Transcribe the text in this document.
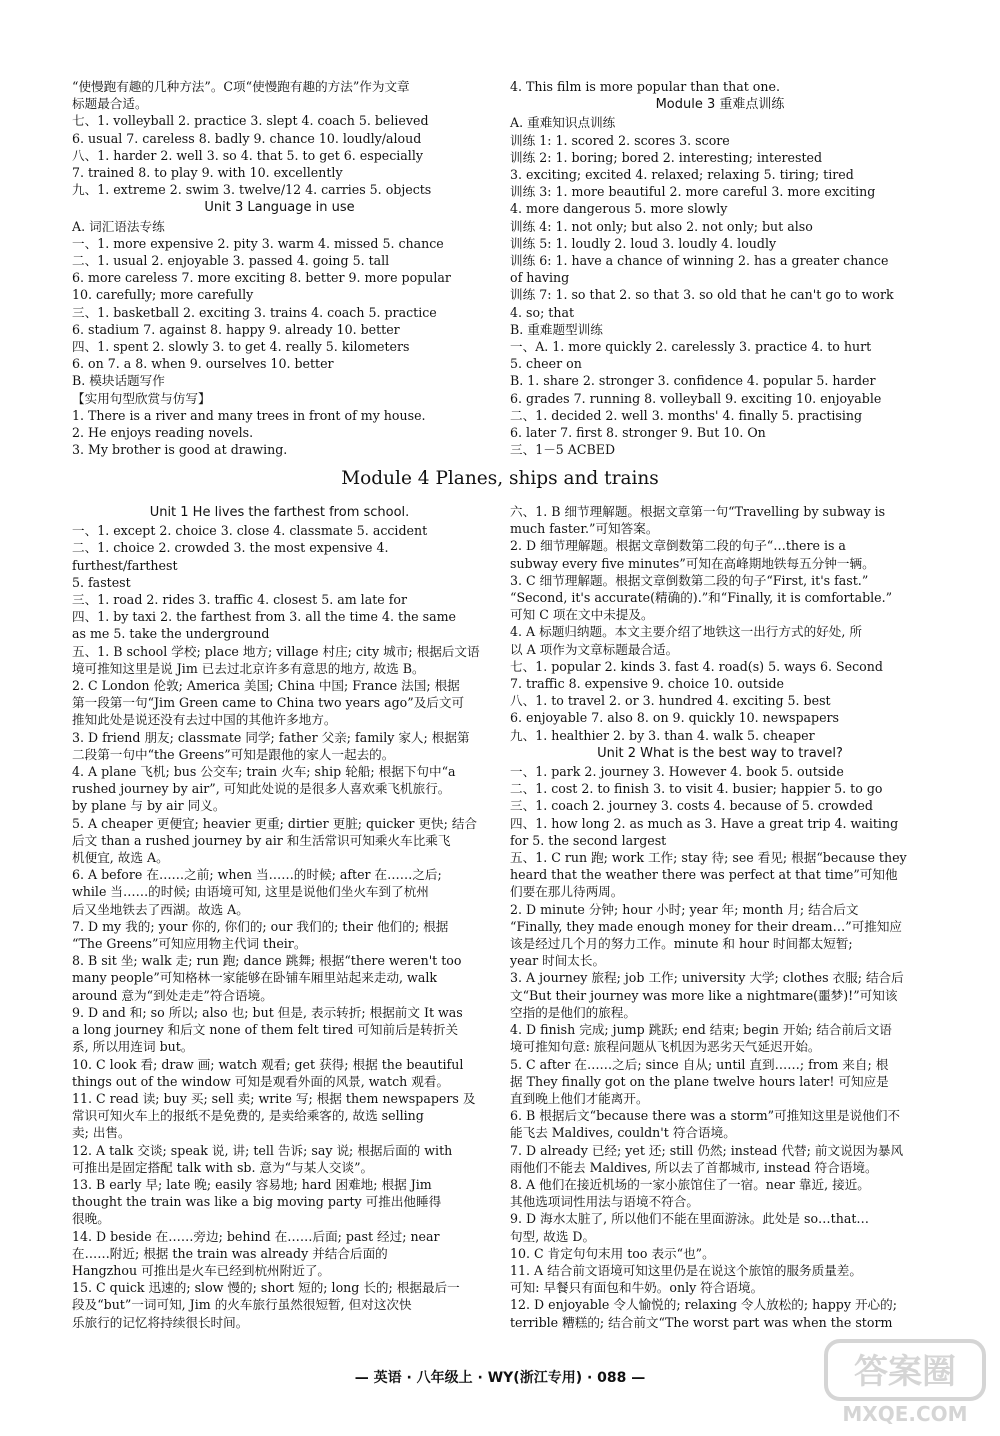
“使慢跑有趣的几种方法”。C项“使慢跑有趣的方法”作为文章
标题最合适。
七、1. volleyball 2. practice 3. slept 4. coach 5. believed
6. usual 7. careless 8. badly 9. chance 10. loudly/aloud
八、1. harder 2. well 3. so 4. that 5. to get 6. especially
7. trained 8. to play 9. with 10. excellently
九、1. extreme 2. swim 3. twelve/12 4. carries 5. objects
Unit 3 Language in use
A. 词汇语法专练
一、1. more expensive 2. pity 3. warm 4. missed 5. chance
二、1. usual 2. enjoyable 3. passed 4. going 5. tall
6. more careless 7. more exciting 8. better 9. more popular
10. carefully; more carefully
三、1. basketball 2. exciting 3. trains 4. coach 5. practice
6. stadium 7. against 8. happy 9. already 10. better
四、1. spent 2. slowly 3. to get 4. really 5. kilometers
6. on 7. a 8. when 9. ourselves 10. better
B. 模块话题写作
【实用句型欣赏与仿写】
1. There is a river and many trees in front of my house.
2. He enjoys reading novels.
3. My brother is good at drawing.
4. This film is more popular than that one.
Module 3 重难点训练
A. 重难知识点训练
训练 1: 1. scored 2. scores 3. score
训练 2: 1. boring; bored 2. interesting; interested
3. exciting; excited 4. relaxed; relaxing 5. tiring; tired
训练 3: 1. more beautiful 2. more careful 3. more exciting
4. more dangerous 5. more slowly
训练 4: 1. not only; but also 2. not only; but also
训练 5: 1. loudly 2. loud 3. loudly 4. loudly
训练 6: 1. have a chance of winning 2. has a greater chance
of having
训练 7: 1. so that 2. so that 3. so old that he can't go to work
4. so; that
B. 重难题型训练
一、A. 1. more quickly 2. carelessly 3. practice 4. to hurt
5. cheer on
B. 1. share 2. stronger 3. confidence 4. popular 5. harder
6. grades 7. running 8. volleyball 9. exciting 10. enjoyable
二、1. decided 2. well 3. months' 4. finally 5. practising
6. later 7. first 8. stronger 9. But 10. On
三、1－5 ACBED
Module 4 Planes, ships and trains
Unit 1 He lives the farthest from school.
一、1. except 2. choice 3. close 4. classmate 5. accident
二、1. choice 2. crowded 3. the most expensive 4. furthest/farthest
5. fastest
三、1. road 2. rides 3. traffic 4. closest 5. am late for
四、1. by taxi 2. the farthest from 3. all the time 4. the same
as me 5. take the underground
五、1. B school 学校; place 地方; village 村庄; city 城市; 根据后文语
境可推知这里是说 Jim 已去过北京许多有意思的地方, 故选 B。
2. C London 伦敦; America 美国; China 中国; France 法国; 根据
第一段第一句“Jim Green came to China two years ago”及后文可
推知此处是说还没有去过中国的其他许多地方。
3. D friend 朋友; classmate 同学; father 父亲; family 家人; 根据第
二段第一句中“the Greens”可知是跟他的家人一起去的。
4. A plane 飞机; bus 公交车; train 火车; ship 轮船; 根据下句中“a
rushed journey by air”, 可知此处说的是很多人喜欢乘飞机旅行。
by plane 与 by air 同义。
5. A cheaper 更便宜; heavier 更重; dirtier 更脏; quicker 更快; 结合
后文 than a rushed journey by air 和生活常识可知乘火车比乘飞
机便宜, 故选 A。
6. A before 在……之前; when 当……的时候; after 在……之后;
while 当……的时候; 由语境可知, 这里是说他们坐火车到了杭州
后又坐地铁去了西湖。故选 A。
7. D my 我的; your 你的, 你们的; our 我们的; their 他们的; 根据
“The Greens”可知应用物主代词 their。
8. B sit 坐; walk 走; run 跑; dance 跳舞; 根据“there weren't too
many people”可知格林一家能够在卧铺车厢里站起来走动, walk
around 意为“到处走走”符合语境。
9. D and 和; so 所以; also 也; but 但是, 表示转折; 根据前文 It was
a long journey 和后文 none of them felt tired 可知前后是转折关
系, 所以用连词 but。
10. C look 看; draw 画; watch 观看; get 获得; 根据 the beautiful
things out of the window 可知是观看外面的风景, watch 观看。
11. C read 读; buy 买; sell 卖; write 写; 根据 them newspapers 及
常识可知火车上的报纸不是免费的, 是卖给乘客的, 故选 selling
卖; 出售。
12. A talk 交谈; speak 说, 讲; tell 告诉; say 说; 根据后面的 with
可推出是固定搭配 talk with sb. 意为“与某人交谈”。
13. B early 早; late 晚; easily 容易地; hard 困难地; 根据 Jim
thought the train was like a big moving party 可推出他睡得
很晚。
14. D beside 在……旁边; behind 在……后面; past 经过; near
在……附近; 根据 the train was already 并结合后面的
Hangzhou 可推出是火车已经到杭州附近了。
15. C quick 迅速的; slow 慢的; short 短的; long 长的; 根据最后一
段及“but”一词可知, Jim 的火车旅行虽然很短暂, 但对这次快
乐旅行的记忆将持续很长时间。
六、1. B 细节理解题。根据文章第一句“Travelling by subway is
much faster.”可知答案。
2. D 细节理解题。根据文章倒数第二段的句子“…there is a
subway every five minutes”可知在高峰期地铁每五分钟一辆。
3. C 细节理解题。根据文章倒数第二段的句子“First, it's fast.”
“Second, it's accurate(精确的).”和“Finally, it is comfortable.”
可知 C 项在文中未提及。
4. A 标题归纳题。本文主要介绍了地铁这一出行方式的好处, 所
以 A 项作为文章标题最合适。
七、1. popular 2. kinds 3. fast 4. road(s) 5. ways 6. Second
7. traffic 8. expensive 9. choice 10. outside
八、1. to travel 2. or 3. hundred 4. exciting 5. best
6. enjoyable 7. also 8. on 9. quickly 10. newspapers
九、1. healthier 2. by 3. than 4. walk 5. cheaper
Unit 2 What is the best way to travel?
一、1. park 2. journey 3. However 4. book 5. outside
二、1. cost 2. to finish 3. to visit 4. busier; happier 5. to go
三、1. coach 2. journey 3. costs 4. because of 5. crowded
四、1. how long 2. as much as 3. Have a great trip 4. waiting
for 5. the second largest
五、1. C run 跑; work 工作; stay 待; see 看见; 根据“because they
heard that the weather there was perfect at that time”可知他
们要在那儿待两周。
2. D minute 分钟; hour 小时; year 年; month 月; 结合后文
“Finally, they made enough money for their dream…”可推知应
该是经过几个月的努力工作。minute 和 hour 时间都太短暂;
year 时间太长。
3. A journey 旅程; job 工作; university 大学; clothes 衣服; 结合后
文“But their journey was more like a nightmare(噩梦)!”可知该
空指的是他们的旅程。
4. D finish 完成; jump 跳跃; end 结束; begin 开始; 结合前后文语
境可推知句意: 旅程问题从飞机因为恶劣天气延迟开始。
5. C after 在……之后; since 自从; until 直到……; from 来自; 根
据 They finally got on the plane twelve hours later! 可知应是
直到晚上他们才能离开。
6. B 根据后文“because there was a storm”可推知这里是说他们不
能飞去 Maldives, couldn't 符合语境。
7. D already 已经; yet 还; still 仍然; instead 代替; 前文说因为暴风
雨他们不能去 Maldives, 所以去了首都城市, instead 符合语境。
8. A 他们在接近机场的一家小旅馆住了一宿。near 靠近, 接近。
其他选项词性用法与语境不符合。
9. D 海水太脏了, 所以他们不能在里面游泳。此处是 so…that…
句型, 故选 D。
10. C 肯定句句末用 too 表示“也”。
11. A 结合前文语境可知这里仍是在说这个旅馆的服务质量差。
可知: 早餐只有面包和牛奶。only 符合语境。
12. D enjoyable 令人愉悦的; relaxing 令人放松的; happy 开心的;
terrible 糟糕的; 结合前文“The worst part was when the storm
— 英语 · 八年级上 · WY(浙江专用) · 088 —	答案圈
MXQE.COM
